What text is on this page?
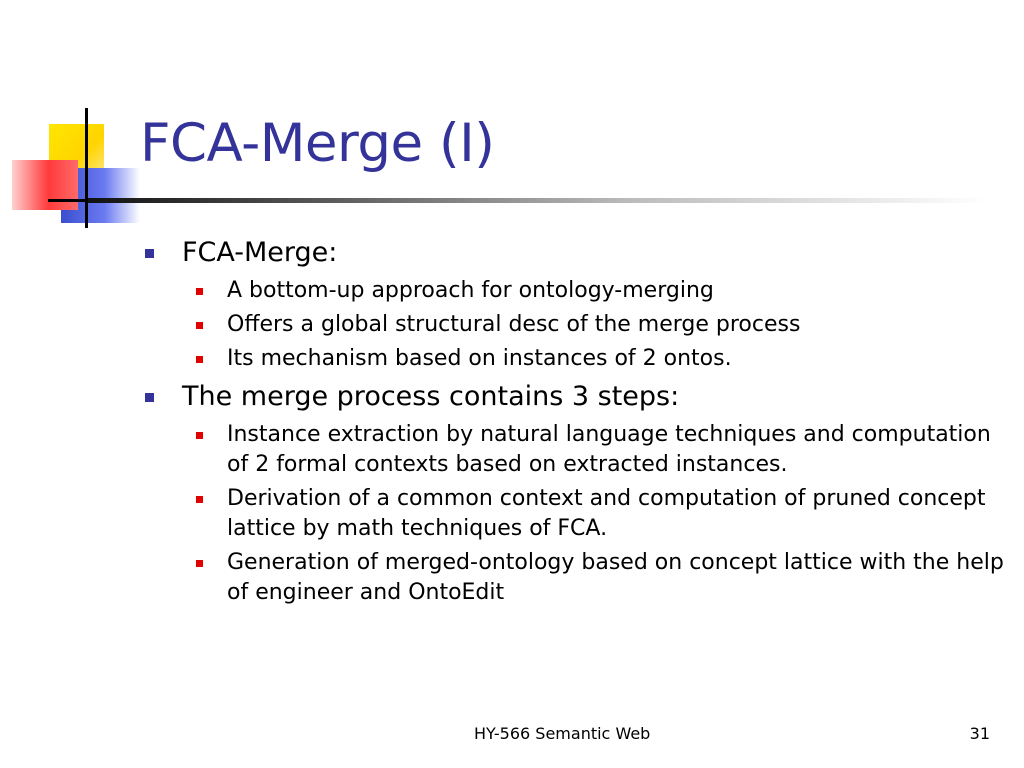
FCA-Merge (I)
FCA-Merge:
A bottom-up approach for ontology-merging
Offers a global structural desc of the merge process
Its mechanism based on instances of 2 ontos.
The merge process contains 3 steps:
Instance extraction by natural language techniques and computation of 2 formal contexts based on extracted instances.
Derivation of a common context and computation of pruned concept lattice by math techniques of FCA.
Generation of merged-ontology based on concept lattice with the help of engineer and OntoEdit
HY-566 Semantic Web	31
